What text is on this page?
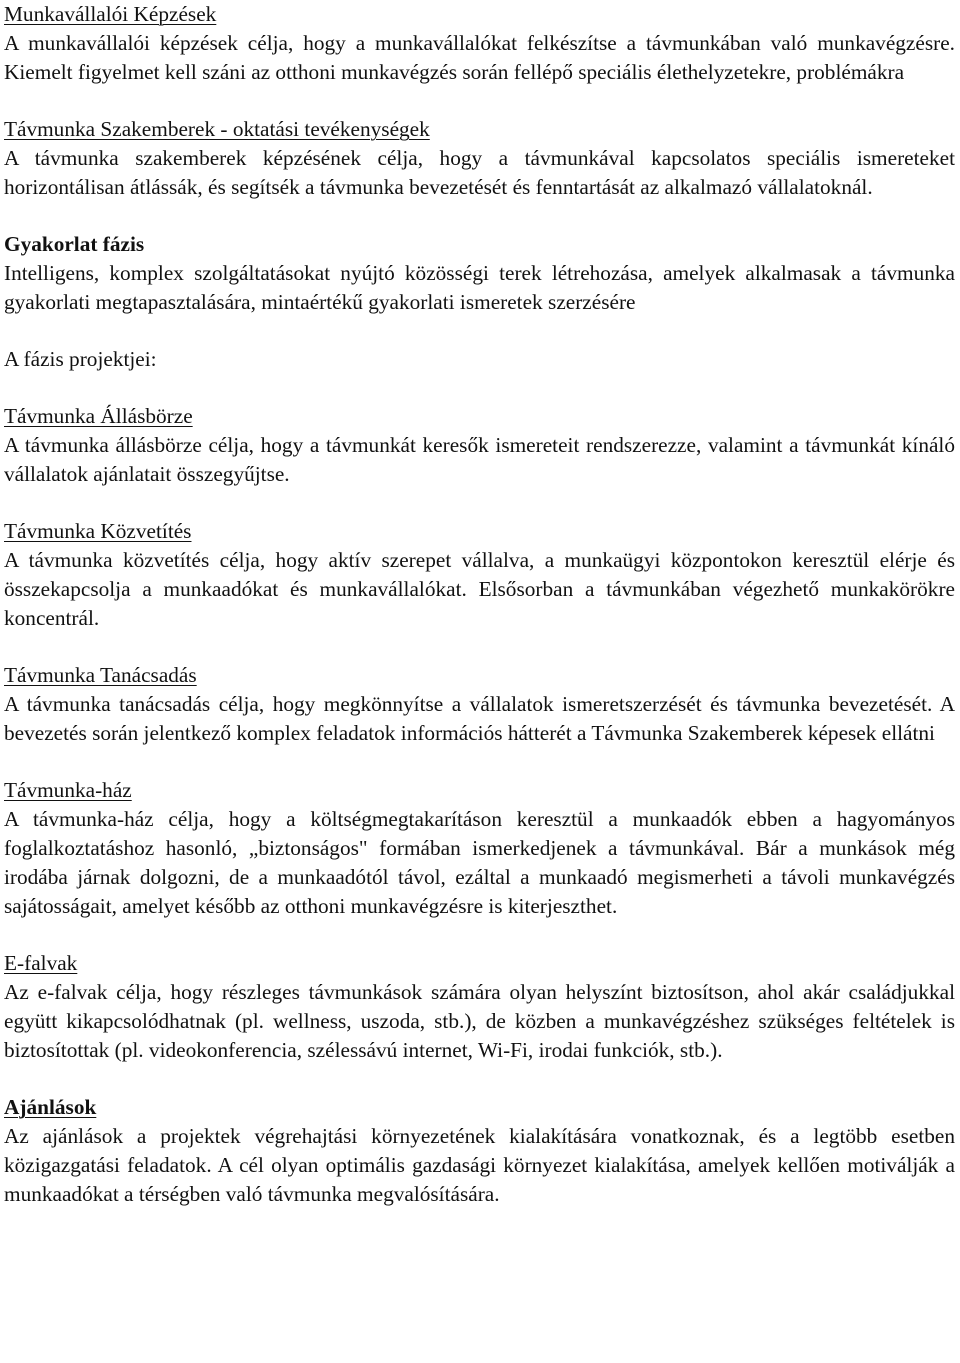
Munkavállalói Képzések
A munkavállalói képzések célja, hogy a munkavállalókat felkészítse a távmunkában való munkavégzésre. Kiemelt figyelmet kell száni az otthoni munkavégzés során fellépő speciális élethelyzetekre, problémákra
Távmunka Szakemberek - oktatási tevékenységek
A távmunka szakemberek képzésének célja, hogy a távmunkával kapcsolatos speciális ismereteket horizontálisan átlássák, és segítsék a távmunka bevezetését és fenntartását az alkalmazó vállalatoknál.
Gyakorlat fázis
Intelligens, komplex szolgáltatásokat nyújtó közösségi terek létrehozása, amelyek alkalmasak a távmunka gyakorlati megtapasztalására, mintaértékű gyakorlati ismeretek szerzésére
A fázis projektjei:
Távmunka Állásbörze
A távmunka állásbörze célja, hogy a távmunkát keresők ismereteit rendszerezze, valamint a távmunkát kínáló vállalatok ajánlatait összegyűjtse.
Távmunka Közvetítés
A távmunka közvetítés célja, hogy aktív szerepet vállalva, a munkaügyi központokon keresztül elérje és összekapcsolja a munkaadókat és munkavállalókat. Elsősorban a távmunkában végezhető munkakörökre koncentrál.
Távmunka Tanácsadás
A távmunka tanácsadás célja, hogy megkönnyítse a vállalatok ismeretszerzését és távmunka bevezetését. A bevezetés során jelentkező komplex feladatok információs hátterét a Távmunka Szakemberek képesek ellátni
Távmunka-ház
A távmunka-ház célja, hogy a költségmegtakarításon keresztül a munkaadók ebben a hagyományos foglalkoztatáshoz hasonló, „biztonságos" formában ismerkedjenek a távmunkával. Bár a munkások még irodába járnak dolgozni, de a munkaadótól távol, ezáltal a munkaadó megismerheti a távoli munkavégzés sajátosságait, amelyet később az otthoni munkavégzésre is kiterjeszthet.
E-falvak
Az e-falvak célja, hogy részleges távmunkások számára olyan helyszínt biztosítson, ahol akár családjukkal együtt kikapcsolódhatnak (pl. wellness, uszoda, stb.), de közben a munkavégzéshez szükséges feltételek is biztosítottak (pl. videokonferencia, szélessávú internet, Wi-Fi, irodai funkciók, stb.).
Ajánlások
Az ajánlások a projektek végrehajtási környezetének kialakítására vonatkoznak, és a legtöbb esetben közigazgatási feladatok. A cél olyan optimális gazdasági környezet kialakítása, amelyek kellően motiválják a munkaadókat a térségben való távmunka megvalósítására.
